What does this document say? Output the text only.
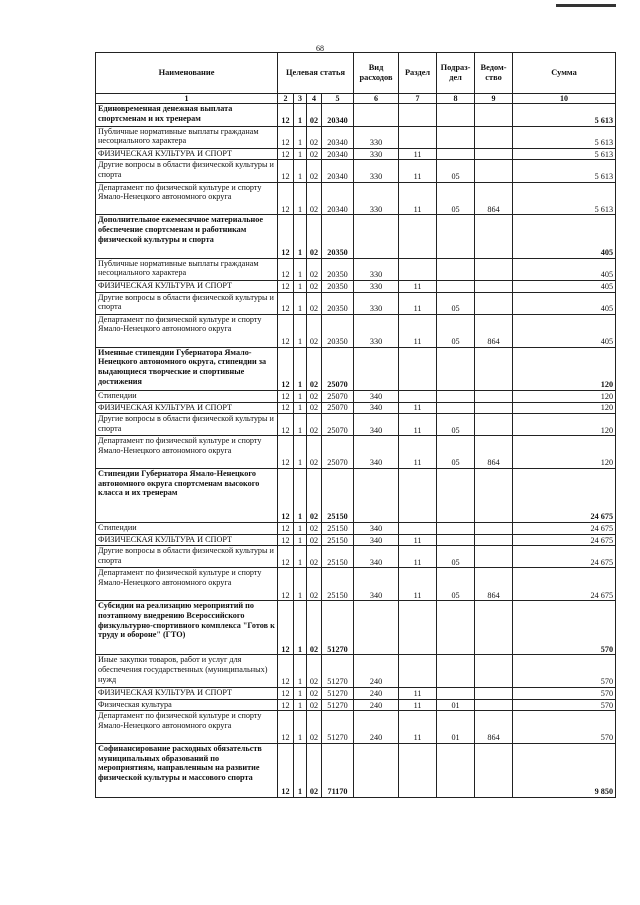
68
Наименование	Целевая статья				Вид расходов	Раздел	Подраз-дел	Ведом-ство	Сумма
1	2	3	4	5	6	7	8	9	10
Единовременная денежная выплата спортсменам и их тренерам	12	1	02	20340					5 613
Публичные нормативные выплаты гражданам несоциального характера	12	1	02	20340	330				5 613
ФИЗИЧЕСКАЯ КУЛЬТУРА И СПОРТ	12	1	02	20340	330	11			5 613
Другие вопросы в области физической культуры и спорта	12	1	02	20340	330	11	05		5 613
Департамент по физической культуре и спорту Ямало-Ненецкого автономного округа	12	1	02	20340	330	11	05	864	5 613
Дополнительное ежемесячное материальное обеспечение спортсменам и работникам физической культуры и спорта	12	1	02	20350					405
Публичные нормативные выплаты гражданам несоциального характера	12	1	02	20350	330				405
ФИЗИЧЕСКАЯ КУЛЬТУРА И СПОРТ	12	1	02	20350	330	11			405
Другие вопросы в области физической культуры и спорта	12	1	02	20350	330	11	05		405
Департамент по физической культуре и спорту Ямало-Ненецкого автономного округа	12	1	02	20350	330	11	05	864	405
Именные стипендии Губернатора Ямало-Ненецкого автономного округа, стипендии за выдающиеся творческие и спортивные достижения	12	1	02	25070					120
Стипендии	12	1	02	25070	340				120
ФИЗИЧЕСКАЯ КУЛЬТУРА И СПОРТ	12	1	02	25070	340	11			120
Другие вопросы в области физической культуры и спорта	12	1	02	25070	340	11	05		120
Департамент по физической культуре и спорту Ямало-Ненецкого автономного округа	12	1	02	25070	340	11	05	864	120
Стипендии Губернатора Ямало-Ненецкого автономного округа спортсменам высокого класса и их тренерам	12	1	02	25150					24 675
Стипендии	12	1	02	25150	340				24 675
ФИЗИЧЕСКАЯ КУЛЬТУРА И СПОРТ	12	1	02	25150	340	11			24 675
Другие вопросы в области физической культуры и спорта	12	1	02	25150	340	11	05		24 675
Департамент по физической культуре и спорту Ямало-Ненецкого автономного округа	12	1	02	25150	340	11	05	864	24 675
Субсидии на реализацию мероприятий по поэтапному внедрению Всероссийского физкультурно-спортивного комплекса "Готов к труду и обороне" (ГТО)	12	1	02	51270					570
Иные закупки товаров, работ и услуг для обеспечения государственных (муниципальных) нужд	12	1	02	51270	240				570
ФИЗИЧЕСКАЯ КУЛЬТУРА И СПОРТ	12	1	02	51270	240	11			570
Физическая культура	12	1	02	51270	240	11	01		570
Департамент по физической культуре и спорту Ямало-Ненецкого автономного округа	12	1	02	51270	240	11	01	864	570
Софинансирование расходных обязательств муниципальных образований по мероприятиям, направленным на развитие физической культуры и массового спорта	12	1	02	71170					9 850
